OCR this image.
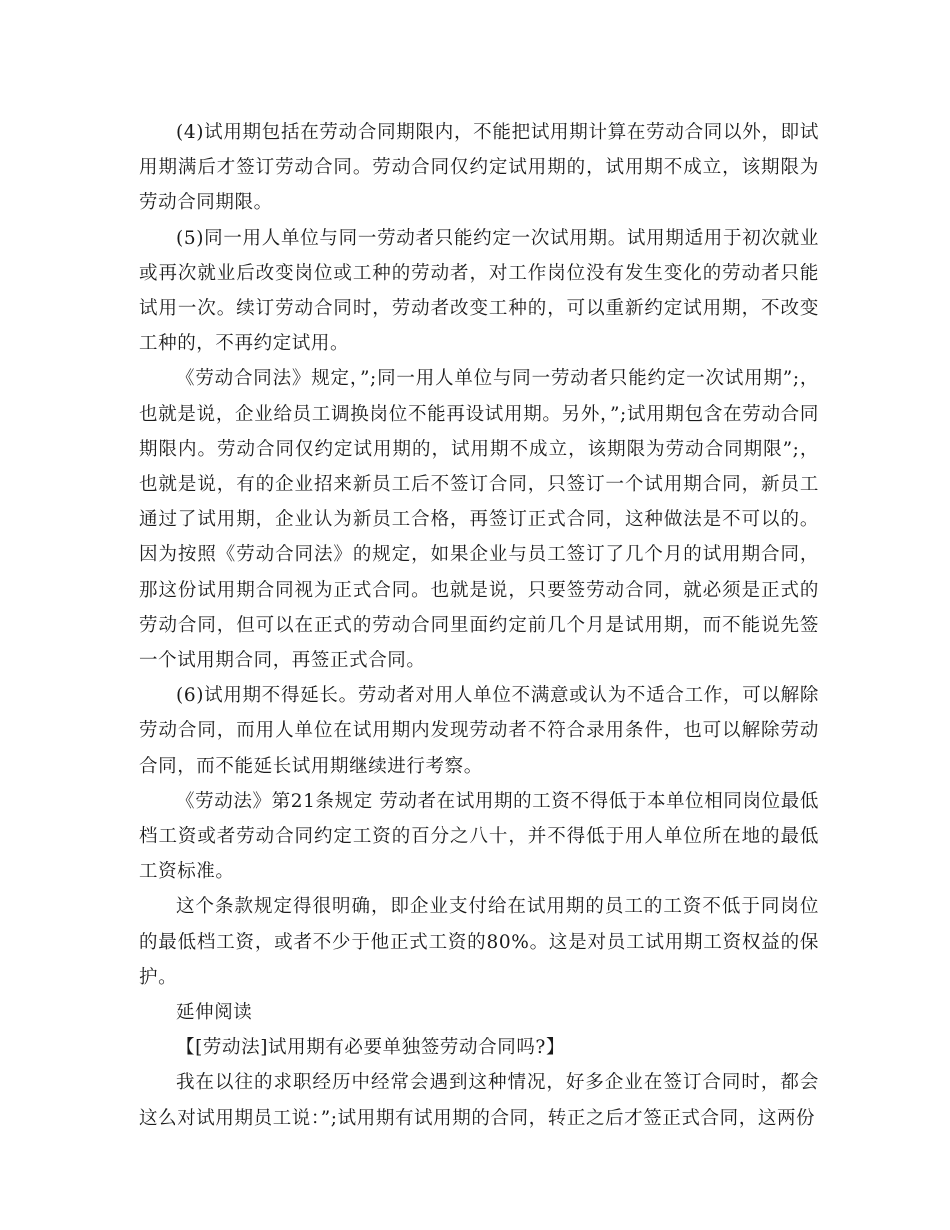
(4)试用期包括在劳动合同期限内，不能把试用期计算在劳动合同以外，即试用期满后才签订劳动合同。劳动合同仅约定试用期的，试用期不成立，该期限为劳动合同期限。

(5)同一用人单位与同一劳动者只能约定一次试用期。试用期适用于初次就业或再次就业后改变岗位或工种的劳动者，对工作岗位没有发生变化的劳动者只能试用一次。续订劳动合同时，劳动者改变工种的，可以重新约定试用期，不改变工种的，不再约定试用。

《劳动合同法》规定，”;同一用人单位与同一劳动者只能约定一次试用期”;，也就是说，企业给员工调换岗位不能再设试用期。另外，”;试用期包含在劳动合同期限内。劳动合同仅约定试用期的，试用期不成立，该期限为劳动合同期限”;，也就是说，有的企业招来新员工后不签订合同，只签订一个试用期合同，新员工通过了试用期，企业认为新员工合格，再签订正式合同，这种做法是不可以的。因为按照《劳动合同法》的规定，如果企业与员工签订了几个月的试用期合同，那这份试用期合同视为正式合同。也就是说，只要签劳动合同，就必须是正式的劳动合同，但可以在正式的劳动合同里面约定前几个月是试用期，而不能说先签一个试用期合同，再签正式合同。

(6)试用期不得延长。劳动者对用人单位不满意或认为不适合工作，可以解除劳动合同，而用人单位在试用期内发现劳动者不符合录用条件，也可以解除劳动合同，而不能延长试用期继续进行考察。

《劳动法》第21条规定 劳动者在试用期的工资不得低于本单位相同岗位最低档工资或者劳动合同约定工资的百分之八十，并不得低于用人单位所在地的最低工资标准。

这个条款规定得很明确，即企业支付给在试用期的员工的工资不低于同岗位的最低档工资，或者不少于他正式工资的80%。这是对员工试用期工资权益的保护。

延伸阅读

【[劳动法]试用期有必要单独签劳动合同吗?】

我在以往的求职经历中经常会遇到这种情况，好多企业在签订合同时，都会这么对试用期员工说：”;试用期有试用期的合同，转正之后才签正式合同，这两份
